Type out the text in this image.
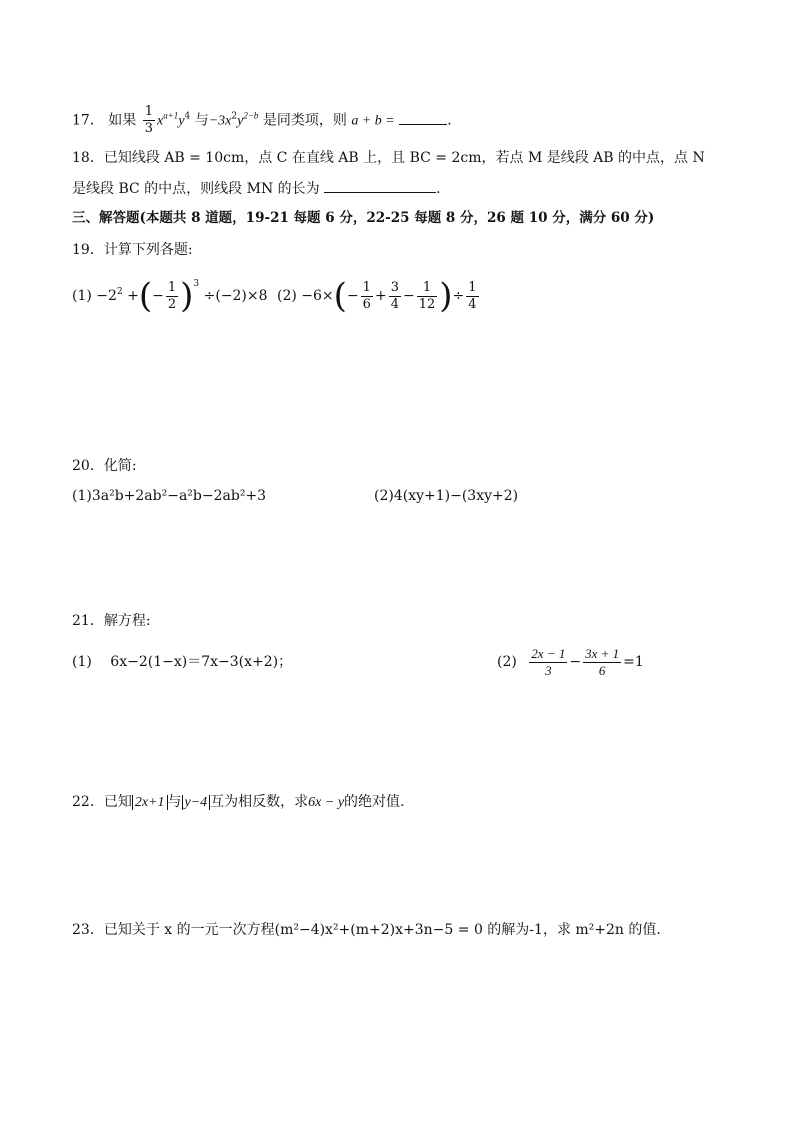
17． 如果 $\frac{1}{3} x^{a+1}y^4$ 与$-3x^2y^{2-b}$ 是同类项，则 a + b =	.
18．已知线段 AB = 10cm，点 C 在直线 AB 上，且 BC = 2cm，若点 M 是线段 AB 的中点，点 N
是线段 BC 的中点，则线段 MN 的长为	.
三、解答题(本题共 8 道题，19-21 每题 6 分，22-25 每题 8 分，26 题 10 分，满分 60 分)
19．计算下列各题:
$(1) -2^2$ +(− $\frac{1}{2} )^3 \div(-2)\times 8$ $(2) -6\times(- \frac{1}{6} + \frac{3}{4} - \frac{1}{12}$ )÷ $\frac{1}{4}$
20．化简:
(1)3a²b+2ab²−a²b−2ab²+3	(2)4(xy+1)−(3xy+2)
21．解方程:
(1) 6x−2(1−x)＝7x−3(x+2)；	$(2) \frac{2x - 1}{3} - \frac{3x + 1}{6} =1$
22．已知 2x+1 与 y−4 互为相反数，求6x − y的绝对值.
23．已知关于 x 的一元一次方程(m²−4)x²+(m+2)x+3n−5 = 0 的解为-1，求 m²+2n 的值.
